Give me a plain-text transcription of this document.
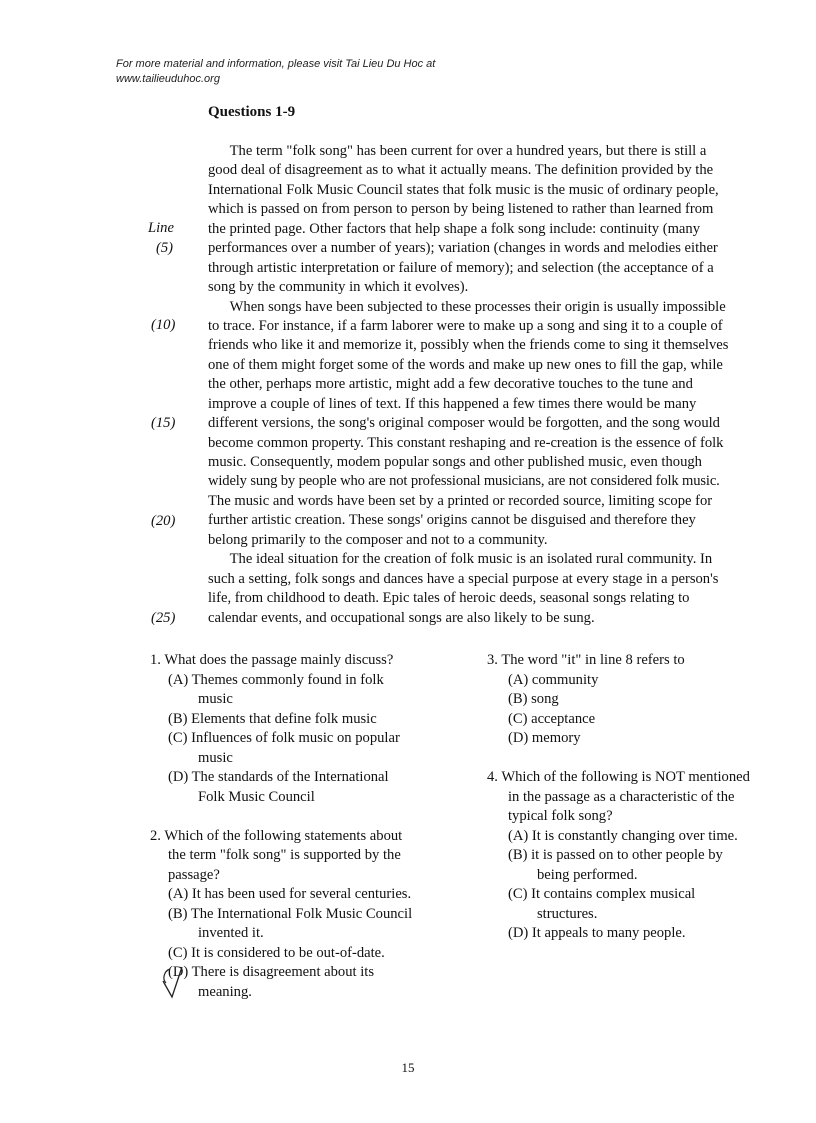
For more material and information, please visit Tai Lieu Du Hoc at
www.tailieuduhoc.org
Questions 1-9
Line
(5)
(10)
(15)
(20)
(25)
The term "folk song" has been current for over a hundred years, but there is still a
good deal of disagreement as to what it actually means. The definition provided by the
International Folk Music Council states that folk music is the music of ordinary people,
which is passed on from person to person by being listened to rather than learned from
the printed page. Other factors that help shape a folk song include: continuity (many
performances over a number of years); variation (changes in words and melodies either
through artistic interpretation or failure of memory); and selection (the acceptance of a
song by the community in which it evolves).
When songs have been subjected to these processes their origin is usually impossible
to trace. For instance, if a farm laborer were to make up a song and sing it to a couple of
friends who like it and memorize it, possibly when the friends come to sing it themselves
one of them might forget some of the words and make up new ones to fill the gap, while
the other, perhaps more artistic, might add a few decorative touches to the tune and
improve a couple of lines of text. If this happened a few times there would be many
different versions, the song's original composer would be forgotten, and the song would
become common property. This constant reshaping and re-creation is the essence of folk
music. Consequently, modem popular songs and other published music, even though
widely sung by people who are not professional musicians, are not considered folk music.
The music and words have been set by a printed or recorded source, limiting scope for
further artistic creation. These songs' origins cannot be disguised and therefore they
belong primarily to the composer and not to a community.
The ideal situation for the creation of folk music is an isolated rural community. In
such a setting, folk songs and dances have a special purpose at every stage in a person's
life, from childhood to death. Epic tales of heroic deeds, seasonal songs relating to
calendar events, and occupational songs are also likely to be sung.
1. What does the passage mainly discuss?
(A) Themes commonly found in folk
music
(B) Elements that define folk music
(C) Influences of folk music on popular
music
(D) The standards of the International
Folk Music Council
2. Which of the following statements about
the term "folk song" is supported by the
passage?
(A) It has been used for several centuries.
(B) The International Folk Music Council
invented it.
(C) It is considered to be out-of-date.
(D) There is disagreement about its
meaning.
3. The word "it" in line 8 refers to
(A) community
(B) song
(C) acceptance
(D) memory
4. Which of the following is NOT mentioned
in the passage as a characteristic of the
typical folk song?
(A) It is constantly changing over time.
(B) it is passed on to other people by
being performed.
(C) It contains complex musical
structures.
(D) It appeals to many people.
15
